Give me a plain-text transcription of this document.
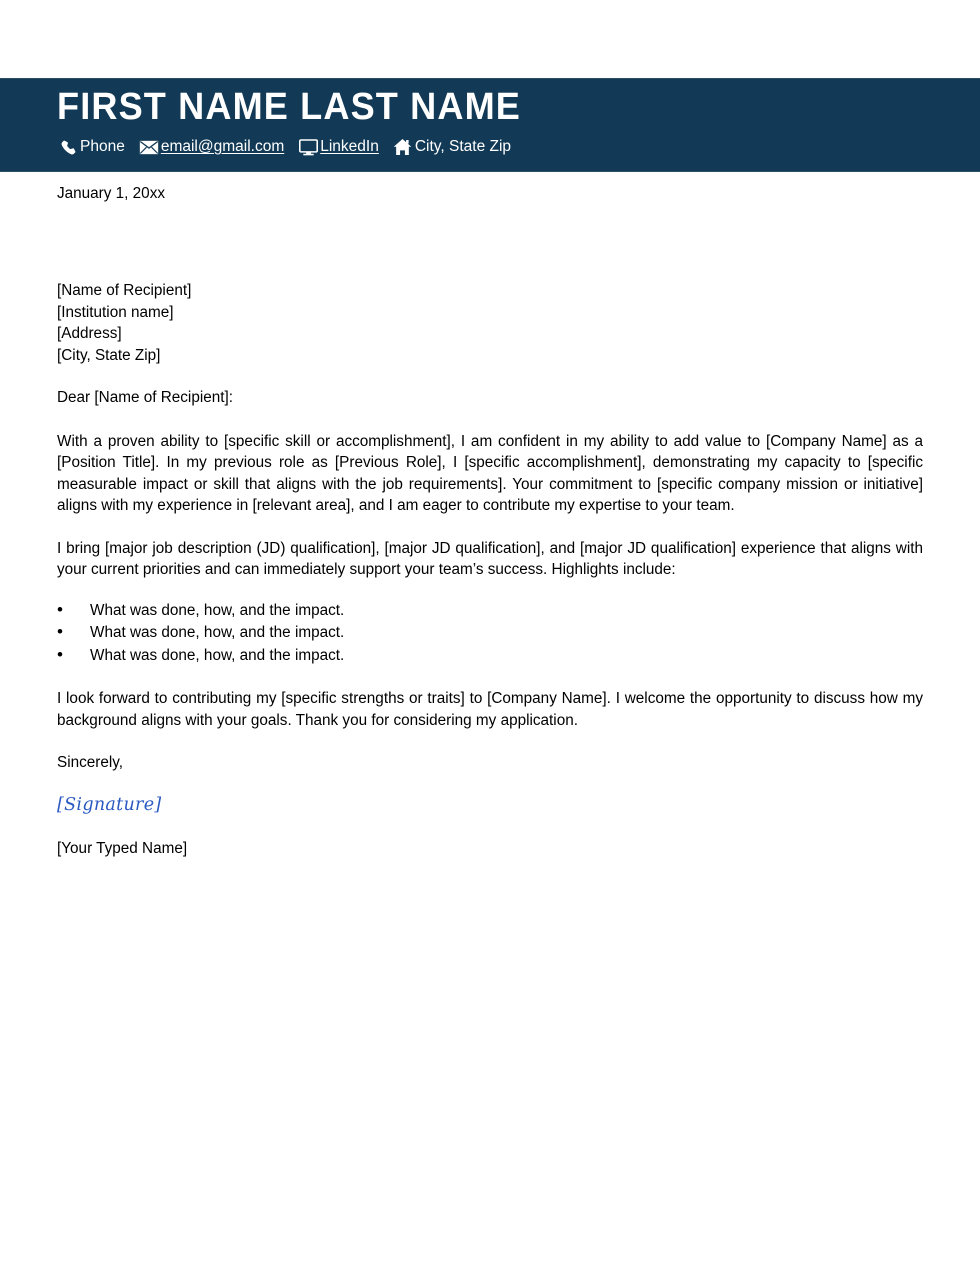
FIRST NAME LAST NAME
Phone email@gmail.com LinkedIn City, State Zip
January 1, 20xx
[Name of Recipient]
[Institution name]
[Address]
[City, State Zip]
Dear [Name of Recipient]:

With a proven ability to [specific skill or accomplishment], I am confident in my ability to add value to [Company Name] as a [Position Title]. In my previous role as [Previous Role], I [specific accomplishment], demonstrating my capacity to [specific measurable impact or skill that aligns with the job requirements]. Your commitment to [specific company mission or initiative] aligns with my experience in [relevant area], and I am eager to contribute my expertise to your team.

I bring [major job description (JD) qualification], [major JD qualification], and [major JD qualification] experience that aligns with your current priorities and can immediately support your team’s success. Highlights include:

• What was done, how, and the impact.
• What was done, how, and the impact.
• What was done, how, and the impact.

I look forward to contributing my [specific strengths or traits] to [Company Name]. I welcome the opportunity to discuss how my background aligns with your goals. Thank you for considering my application.

Sincerely,
[Signature]
[Your Typed Name]
